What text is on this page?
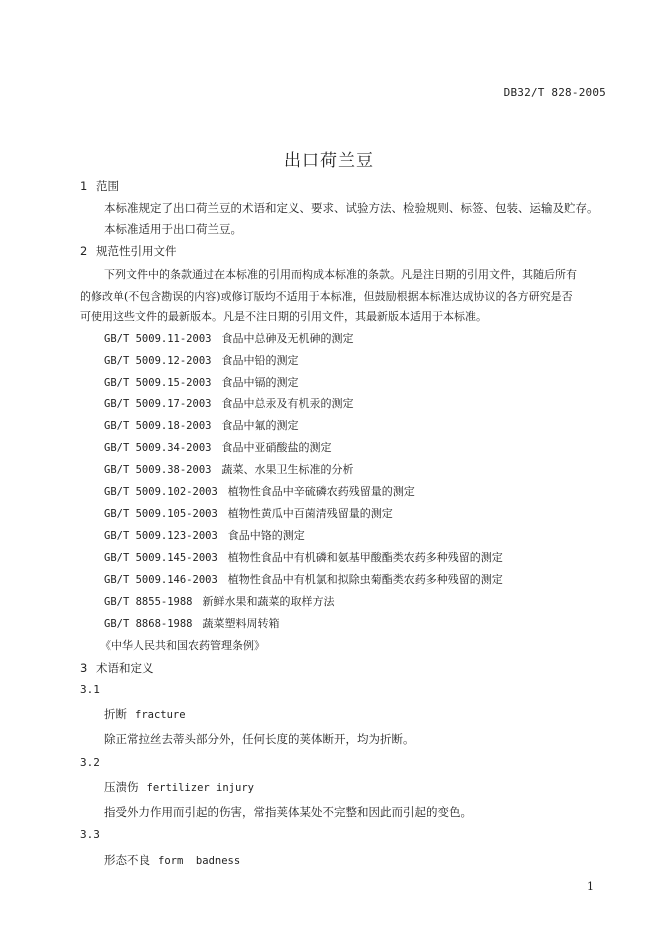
DB32/T 828-2005
出口荷兰豆
1 范围
本标准规定了出口荷兰豆的术语和定义、要求、试验方法、检验规则、标签、包装、运输及贮存。
本标准适用于出口荷兰豆。
2 规范性引用文件
下列文件中的条款通过在本标准的引用而构成本标准的条款。凡是注日期的引用文件，其随后所有
的修改单(不包含勘误的内容)或修订版均不适用于本标准，但鼓励根据本标准达成协议的各方研究是否
可使用这些文件的最新版本。凡是不注日期的引用文件，其最新版本适用于本标准。
GB/T 5009.11-2003 食品中总砷及无机砷的测定
GB/T 5009.12-2003 食品中铅的测定
GB/T 5009.15-2003 食品中镉的测定
GB/T 5009.17-2003 食品中总汞及有机汞的测定
GB/T 5009.18-2003 食品中氟的测定
GB/T 5009.34-2003 食品中亚硝酸盐的测定
GB/T 5009.38-2003 蔬菜、水果卫生标准的分析
GB/T 5009.102-2003 植物性食品中辛硫磷农药残留量的测定
GB/T 5009.105-2003 植物性黄瓜中百菌清残留量的测定
GB/T 5009.123-2003 食品中铬的测定
GB/T 5009.145-2003 植物性食品中有机磷和氨基甲酸酯类农药多种残留的测定
GB/T 5009.146-2003 植物性食品中有机氯和拟除虫菊酯类农药多种残留的测定
GB/T 8855-1988 新鲜水果和蔬菜的取样方法
GB/T 8868-1988 蔬菜塑料周转箱
《中华人民共和国农药管理条例》
3 术语和定义
3.1
折断 fracture
除正常拉丝去蒂头部分外，任何长度的荚体断开，均为折断。
3.2
压溃伤 fertilizer injury
指受外力作用而引起的伤害，常指荚体某处不完整和因此而引起的变色。
3.3
形态不良 form  badness
1
